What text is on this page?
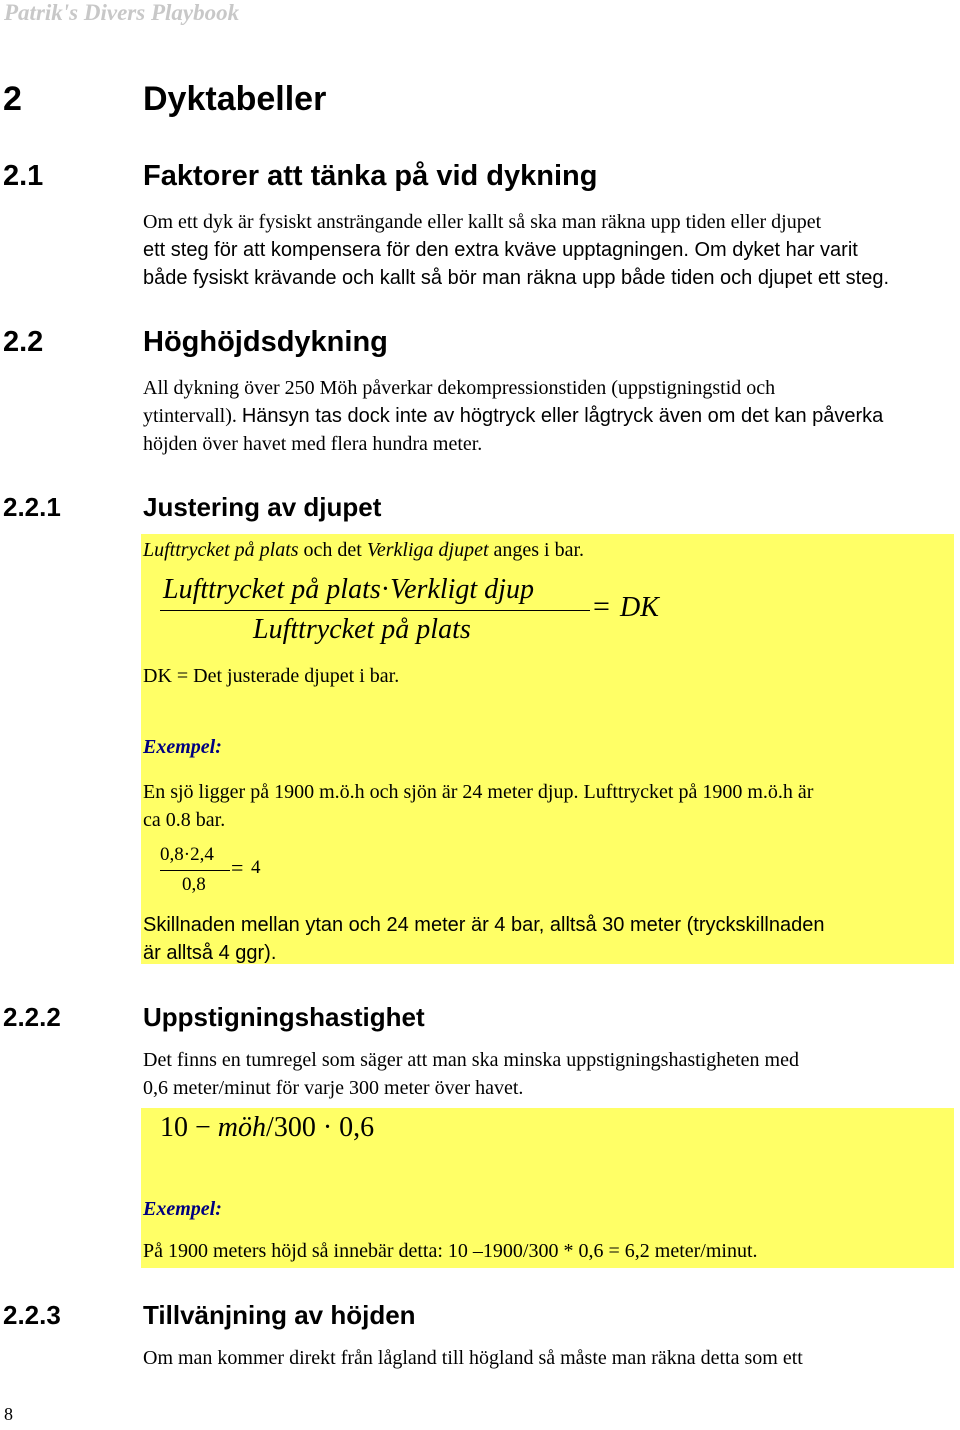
Patrik's Divers Playbook
2	Dyktabeller
2.1	Faktorer att tänka på vid dykning
Om ett dyk är fysiskt ansträngande eller kallt så ska man räkna upp tiden eller djupet
ett steg för att kompensera för den extra kväve upptagningen. Om dyket har varit
både fysiskt krävande och kallt så bör man räkna upp både tiden och djupet ett steg.
2.2	Höghöjdsdykning
All dykning över 250 Möh påverkar dekompressionstiden (uppstigningstid och
ytintervall). Hänsyn tas dock inte av högtryck eller lågtryck även om det kan påverka
höjden över havet med flera hundra meter.
2.2.1	Justering av djupet
Lufttrycket på plats och det Verkliga djupet anges i bar.
Lufttrycket på plats·Verkligt djup
Lufttrycket på plats
= DK
DK = Det justerade djupet i bar.
Exempel:
En sjö ligger på 1900 m.ö.h och sjön är 24 meter djup. Lufttrycket på 1900 m.ö.h är
ca 0.8 bar.
0,8·2,4
0,8
= 4
Skillnaden mellan ytan och 24 meter är 4 bar, alltså 30 meter (tryckskillnaden
är alltså 4 ggr).
2.2.2	Uppstigningshastighet
Det finns en tumregel som säger att man ska minska uppstigningshastigheten med
0,6 meter/minut för varje 300 meter över havet.
10 − möh/300 · 0,6
Exempel:
På 1900 meters höjd så innebär detta: 10 –1900/300 * 0,6 = 6,2 meter/minut.
2.2.3	Tillvänjning av höjden
Om man kommer direkt från lågland till högland så måste man räkna detta som ett
8
